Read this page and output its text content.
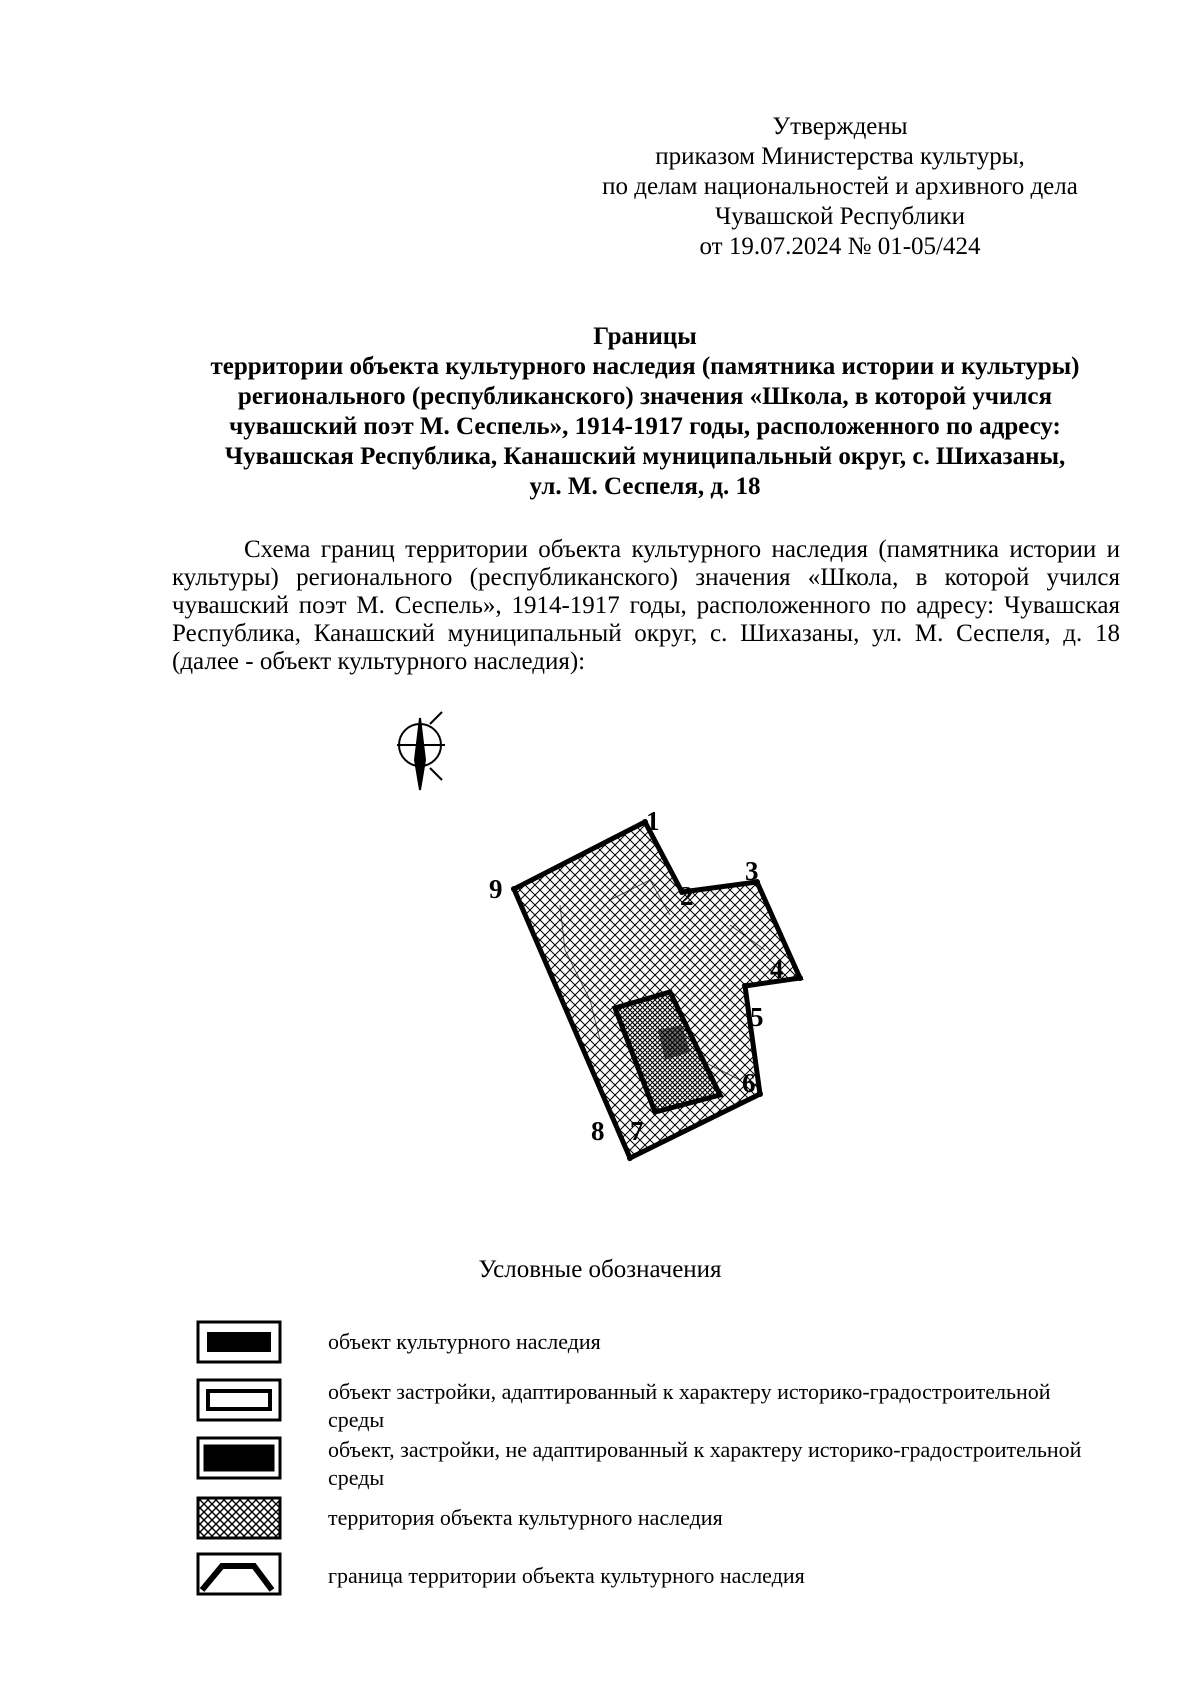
Утверждены
приказом Министерства культуры,
по делам национальностей и архивного дела
Чувашской Республики
от 19.07.2024 № 01-05/424
Границы
территории объекта культурного наследия (памятника истории и культуры)
регионального (республиканского) значения «Школа, в которой учился
чувашский поэт М. Сеспель», 1914-1917 годы, расположенного по адресу:
Чувашская Республика, Канашский муниципальный округ, с. Шихазаны,
ул. М. Сеспеля, д. 18

Схема границ территории объекта культурного наследия (памятника истории и культуры) регионального (республиканского) значения «Школа, в которой учился чувашский поэт М. Сеспель», 1914-1917 годы, расположенного по адресу: Чувашская Республика, Канашский муниципальный округ, с. Шихазаны, ул. М. Сеспеля, д. 18 (далее - объект культурного наследия):

1
2
3
4
5
6
7
8
9
Условные обозначения
объект культурного наследия
объект застройки, адаптированный к характеру историко-градостроительной среды
объект, застройки, не адаптированный к характеру историко-градостроительной среды
территория объекта культурного наследия
граница территории объекта культурного наследия
